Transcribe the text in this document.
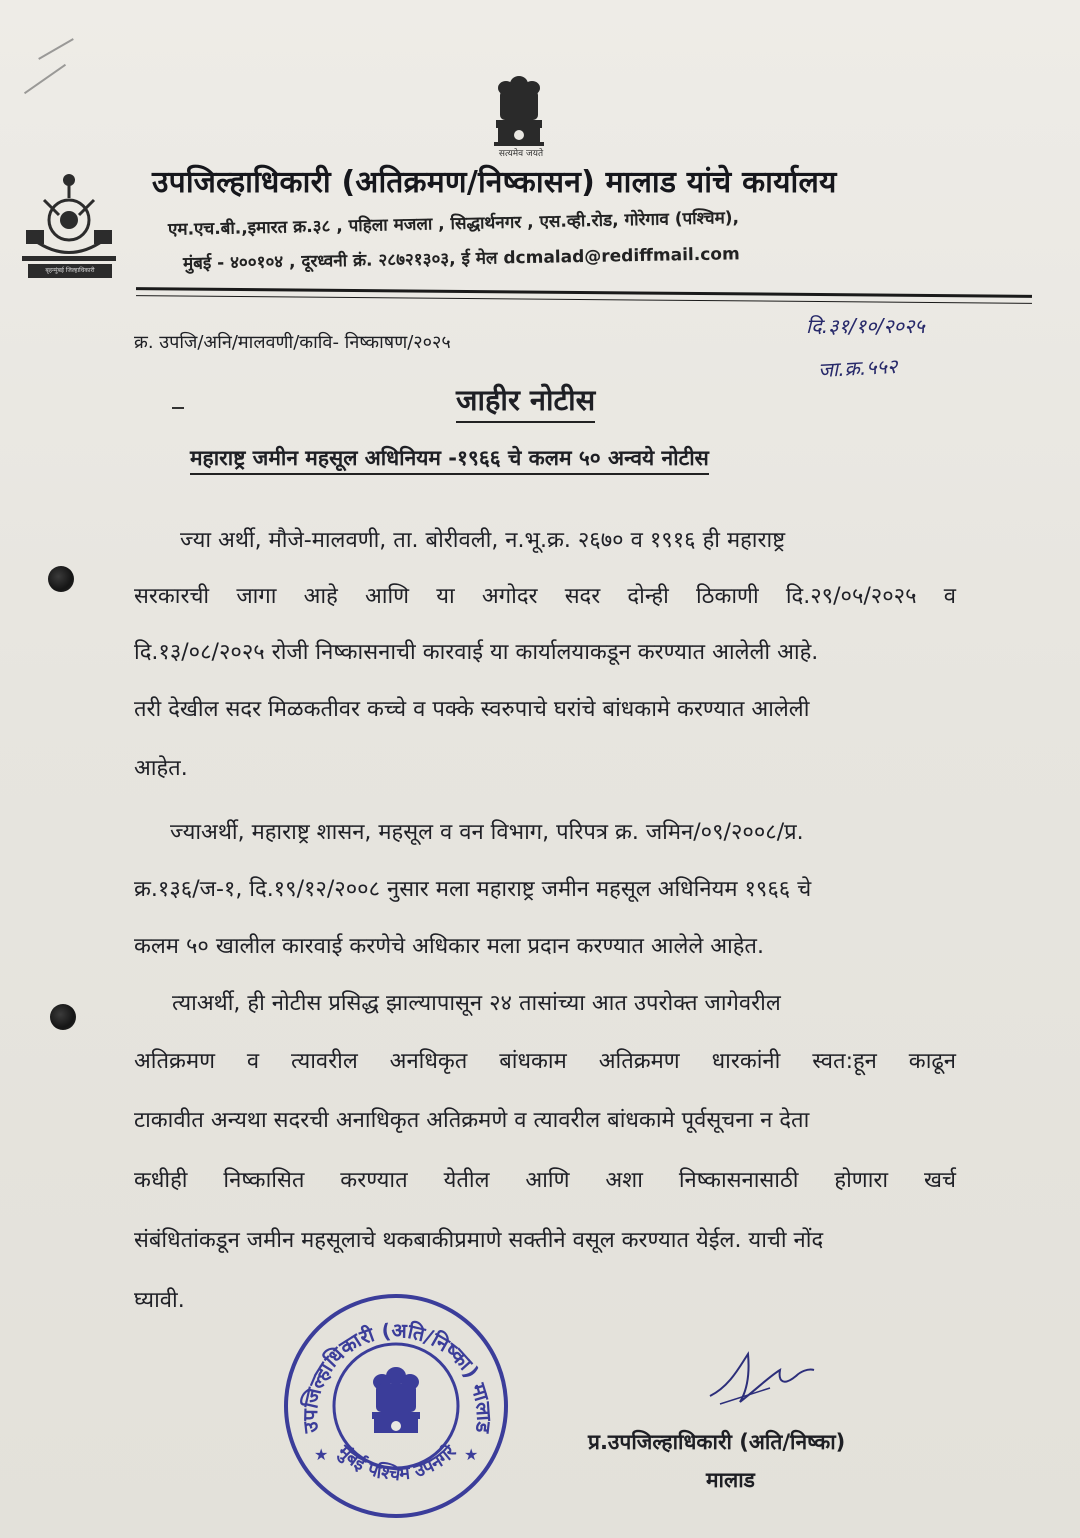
सत्यमेव जयते
बृहन्मुंबई जिल्हाधिकारी
उपजिल्हाधिकारी (अतिक्रमण/निष्कासन) मालाड यांचे कार्यालय
एम.एच.बी.,इमारत क्र.३८ , पहिला मजला , सिद्धार्थनगर , एस.व्ही.रोड, गोरेगाव (पश्चिम),
मुंबई - ४००१०४ , दूरध्वनी क्रं. २८७२१३०३, ई मेल dcmalad@rediffmail.com
क्र. उपजि/अनि/मालवणी/कावि- निष्काषण/२०२५
दि.३१/१०/२०२५
जा.क्र.५५२
जाहीर नोटीस
महाराष्ट्र जमीन महसूल अधिनियम -१९६६ चे कलम ५० अन्वये नोटीस
ज्या अर्थी, मौजे-मालवणी, ता. बोरीवली, न.भू.क्र. २६७० व १९१६ ही महाराष्ट्र
सरकारची जागा आहे आणि या अगोदर सदर दोन्ही ठिकाणी दि.२९/०५/२०२५ व
दि.१३/०८/२०२५ रोजी निष्कासनाची कारवाई या कार्यालयाकडून करण्यात आलेली आहे.
तरी देखील सदर मिळकतीवर कच्चे व पक्के स्वरुपाचे घरांचे बांधकामे करण्यात आलेली
आहेत.
ज्याअर्थी, महाराष्ट्र शासन, महसूल व वन विभाग, परिपत्र क्र. जमिन/०९/२००८/प्र.
क्र.१३६/ज-१, दि.१९/१२/२००८ नुसार मला महाराष्ट्र जमीन महसूल अधिनियम १९६६ चे
कलम ५० खालील कारवाई करणेचे अधिकार मला प्रदान करण्यात आलेले आहेत.
त्याअर्थी, ही नोटीस प्रसिद्ध झाल्यापासून २४ तासांच्या आत उपरोक्त जागेवरील
अतिक्रमण व त्यावरील अनधिकृत बांधकाम अतिक्रमण धारकांनी स्वत:हून काढून
टाकावीत अन्यथा सदरची अनाधिकृत अतिक्रमणे व त्यावरील बांधकामे पूर्वसूचना न देता
कधीही निष्कासित करण्यात येतील आणि अशा निष्कासनासाठी होणारा खर्च
संबंधितांकडून जमीन महसूलाचे थकबाकीप्रमाणे सक्तीने वसूल करण्यात येईल. याची नोंद
घ्यावी.
उपजिल्हाधिकारी (अति/निष्का) मालाड
मुंबई पश्चिम उपनगरे
★	★
प्र.उपजिल्हाधिकारी (अति/निष्का)
मालाड
